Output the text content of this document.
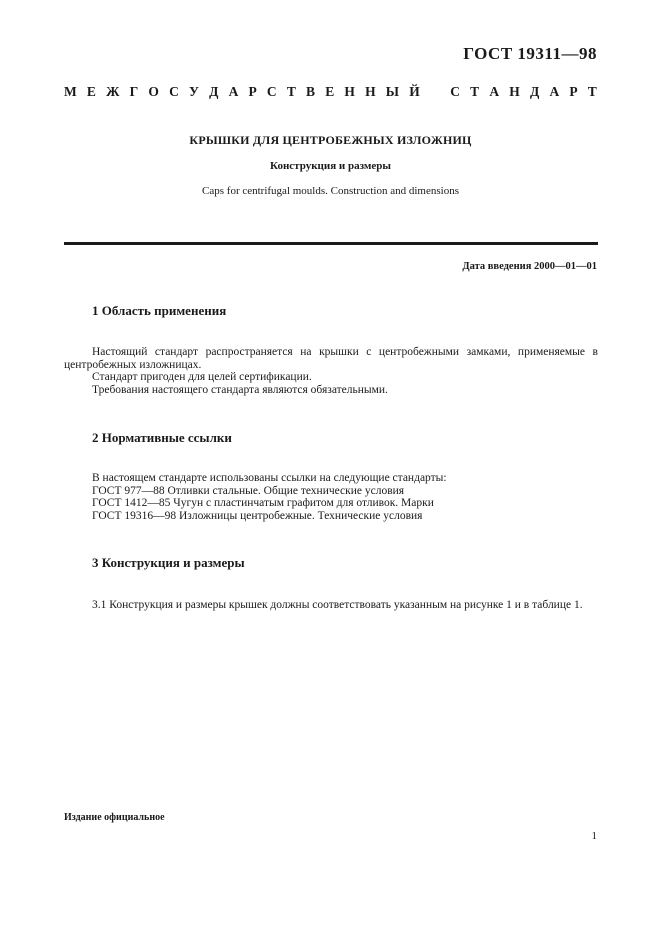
ГОСТ 19311—98
М Е Ж Г О С У Д А Р С Т В Е Н Н Ы Й С Т А Н Д А Р Т
КРЫШКИ ДЛЯ ЦЕНТРОБЕЖНЫХ ИЗЛОЖНИЦ
Конструкция и размеры
Caps for centrifugal moulds. Construction and dimensions
Дата введения 2000—01—01
1 Область применения

Настоящий стандарт распространяется на крышки с центробежными замками, применяемые в центробежных изложницах.

Стандарт пригоден для целей сертификации.

Требования настоящего стандарта являются обязательными.

2 Нормативные ссылки

В настоящем стандарте использованы ссылки на следующие стандарты:

ГОСТ 977—88 Отливки стальные. Общие технические условия

ГОСТ 1412—85 Чугун с пластинчатым графитом для отливок. Марки

ГОСТ 19316—98 Изложницы центробежные. Технические условия

3 Конструкция и размеры

3.1 Конструкция и размеры крышек должны соответствовать указанным на рисунке 1 и в таблице 1.

Издание официальное
1
